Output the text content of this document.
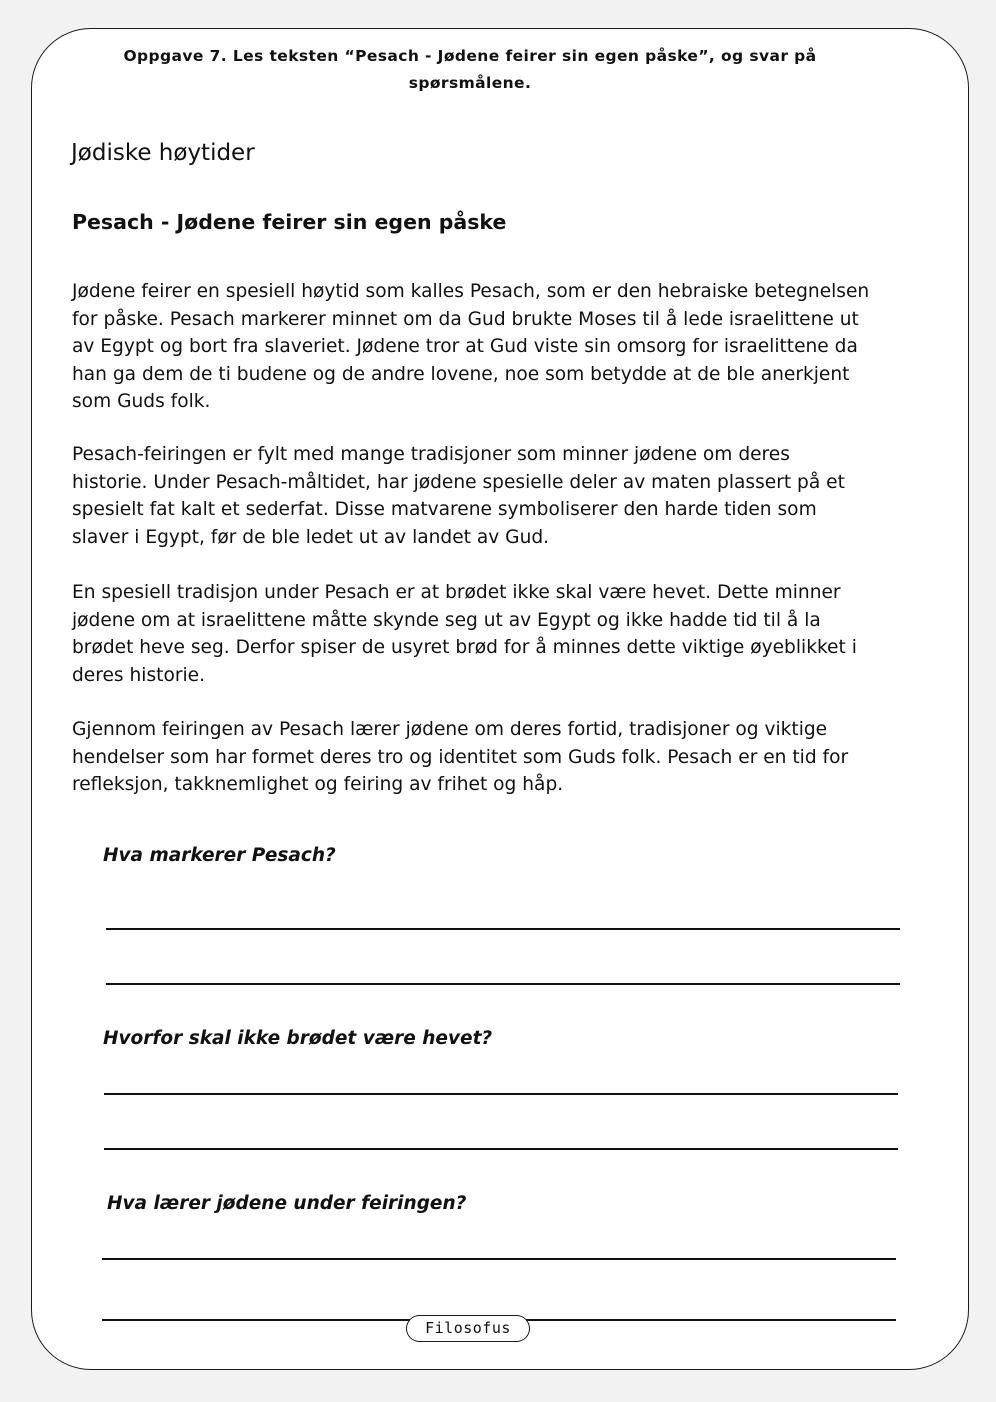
Oppgave 7. Les teksten “Pesach - Jødene feirer sin egen påske”, og svar på spørsmålene.
Jødiske høytider
Pesach - Jødene feirer sin egen påske

Jødene feirer en spesiell høytid som kalles Pesach, som er den hebraiske betegnelsen
for påske. Pesach markerer minnet om da Gud brukte Moses til å lede israelittene ut
av Egypt og bort fra slaveriet. Jødene tror at Gud viste sin omsorg for israelittene da
han ga dem de ti budene og de andre lovene, noe som betydde at de ble anerkjent
som Guds folk.

Pesach-feiringen er fylt med mange tradisjoner som minner jødene om deres
historie. Under Pesach-måltidet, har jødene spesielle deler av maten plassert på et
spesielt fat kalt et sederfat. Disse matvarene symboliserer den harde tiden som
slaver i Egypt, før de ble ledet ut av landet av Gud.

En spesiell tradisjon under Pesach er at brødet ikke skal være hevet. Dette minner
jødene om at israelittene måtte skynde seg ut av Egypt og ikke hadde tid til å la
brødet heve seg. Derfor spiser de usyret brød for å minnes dette viktige øyeblikket i
deres historie.

Gjennom feiringen av Pesach lærer jødene om deres fortid, tradisjoner og viktige
hendelser som har formet deres tro og identitet som Guds folk. Pesach er en tid for
refleksjon, takknemlighet og feiring av frihet og håp.

Hva markerer Pesach?

Hvorfor skal ikke brødet være hevet?

Hva lærer jødene under feiringen?

Filosofus
